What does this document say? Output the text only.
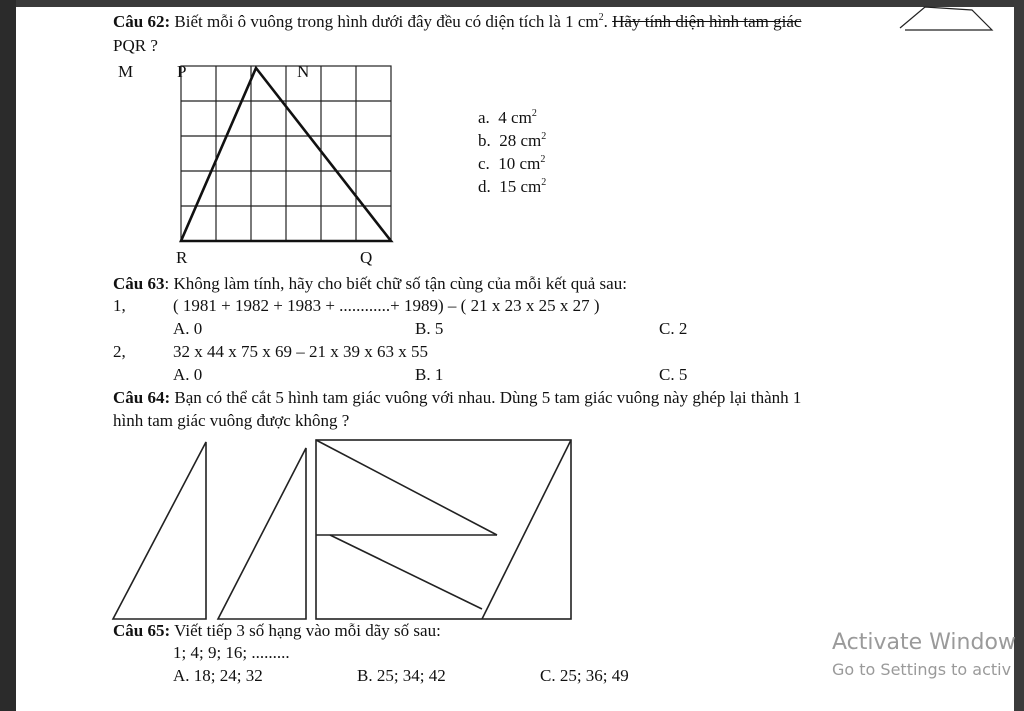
Câu 62: Biết mỗi ô vuông trong hình dưới đây đều có diện tích là 1 $cm^2$. Hãy tính diện hình tam giác
PQR ?
M	P	N
R	Q
a. 4 $cm^2$
b. 28 $cm^2$
c. 10 $cm^2$
d. 15 $cm^2$
Câu 63: Không làm tính, hãy cho biết chữ số tận cùng của mỗi kết quả sau:
1,	( 1981 + 1982 + 1983 + ............+ 1989) – ( 21 x 23 x 25 x 27 )
A. 0	B. 5	C. 2
2,	32 x 44 x 75 x 69 – 21 x 39 x 63 x 55
A. 0	B. 1	C. 5
Câu 64: Bạn có thể cắt 5 hình tam giác vuông với nhau. Dùng 5 tam giác vuông này ghép lại thành 1
hình tam giác vuông được không ?
Câu 65: Viết tiếp 3 số hạng vào mỗi dãy số sau:
1; 4; 9; 16; .........
A. 18; 24; 32	B. 25; 34; 42	C. 25; 36; 49
Activate Window
Go to Settings to activ
